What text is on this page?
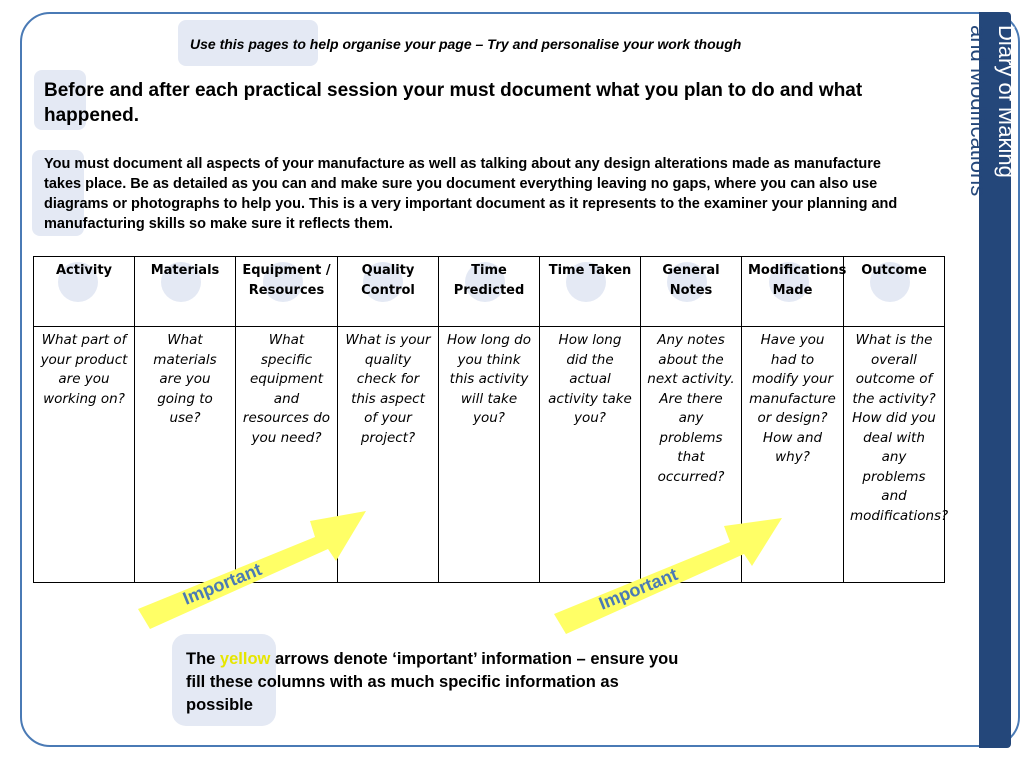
Diary of Making
and Modifications
Use this pages to help organise your page – Try and personalise your work though
Before and after each practical session your must document what you plan to do and what happened.
You must document all aspects of your manufacture as well as talking about any design alterations made as manufacture takes place. Be as detailed as you can and make sure you document everything leaving no gaps, where you can also use diagrams or photographs to help you. This is a very important document as it represents to the examiner your planning and manufacturing skills so make sure it reflects them.
Activity	Materials	Equipment / Resources	Quality Control	Time Predicted	Time Taken	General Notes	Modifications Made	Outcome
What part of your product are you working on?	What materials are you going to use?	What specific equipment and resources do you need?	What is your quality check for this aspect of your project?	How long do you think this activity will take you?	How long did the actual activity take you?	Any notes about the next activity. Are there any problems that occurred?	Have you had to modify your manufacture or design? How and why?	What is the overall outcome of the activity? How did you deal with any problems and modifications?
Important	Important
The yellow arrows denote ‘important’ information – ensure you fill these columns with as much specific information as possible
